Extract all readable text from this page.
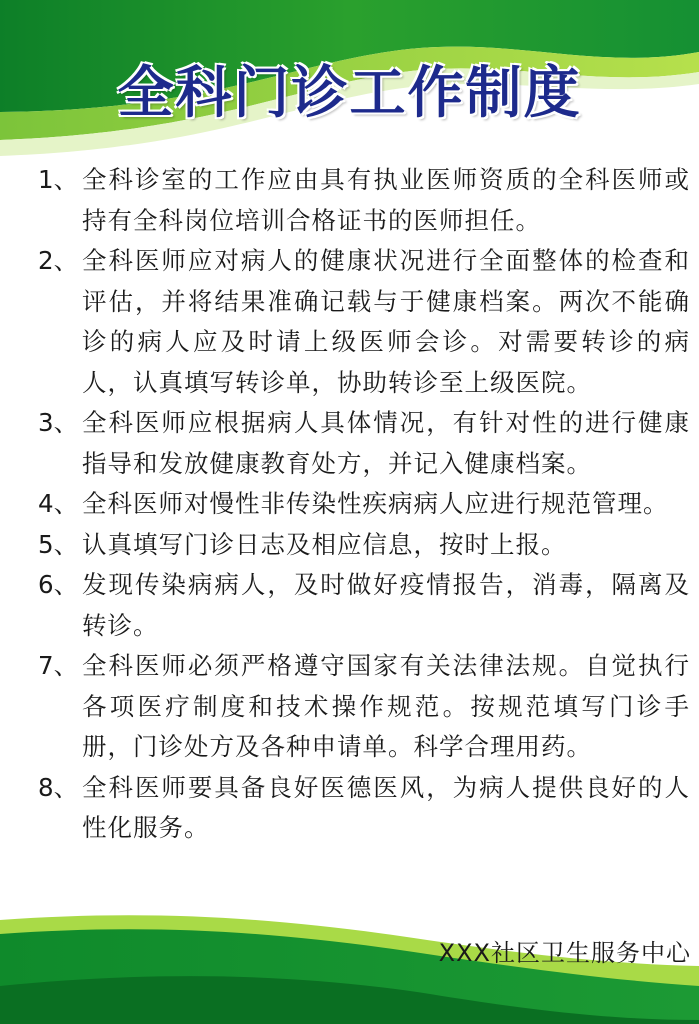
全科门诊工作制度
1、 全科诊室的工作应由具有执业医师资质的全科医师或持有全科岗位培训合格证书的医师担任。
2、 全科医师应对病人的健康状况进行全面整体的检查和评估，并将结果准确记载与于健康档案。两次不能确诊的病人应及时请上级医师会诊。对需要转诊的病人，认真填写转诊单，协助转诊至上级医院。
3、 全科医师应根据病人具体情况，有针对性的进行健康指导和发放健康教育处方，并记入健康档案。
4、 全科医师对慢性非传染性疾病病人应进行规范管理。
5、 认真填写门诊日志及相应信息，按时上报。
6、 发现传染病病人，及时做好疫情报告，消毒，隔离及转诊。
7、 全科医师必须严格遵守国家有关法律法规。自觉执行各项医疗制度和技术操作规范。按规范填写门诊手册，门诊处方及各种申请单。科学合理用药。
8、 全科医师要具备良好医德医风，为病人提供良好的人性化服务。
XXX社区卫生服务中心
